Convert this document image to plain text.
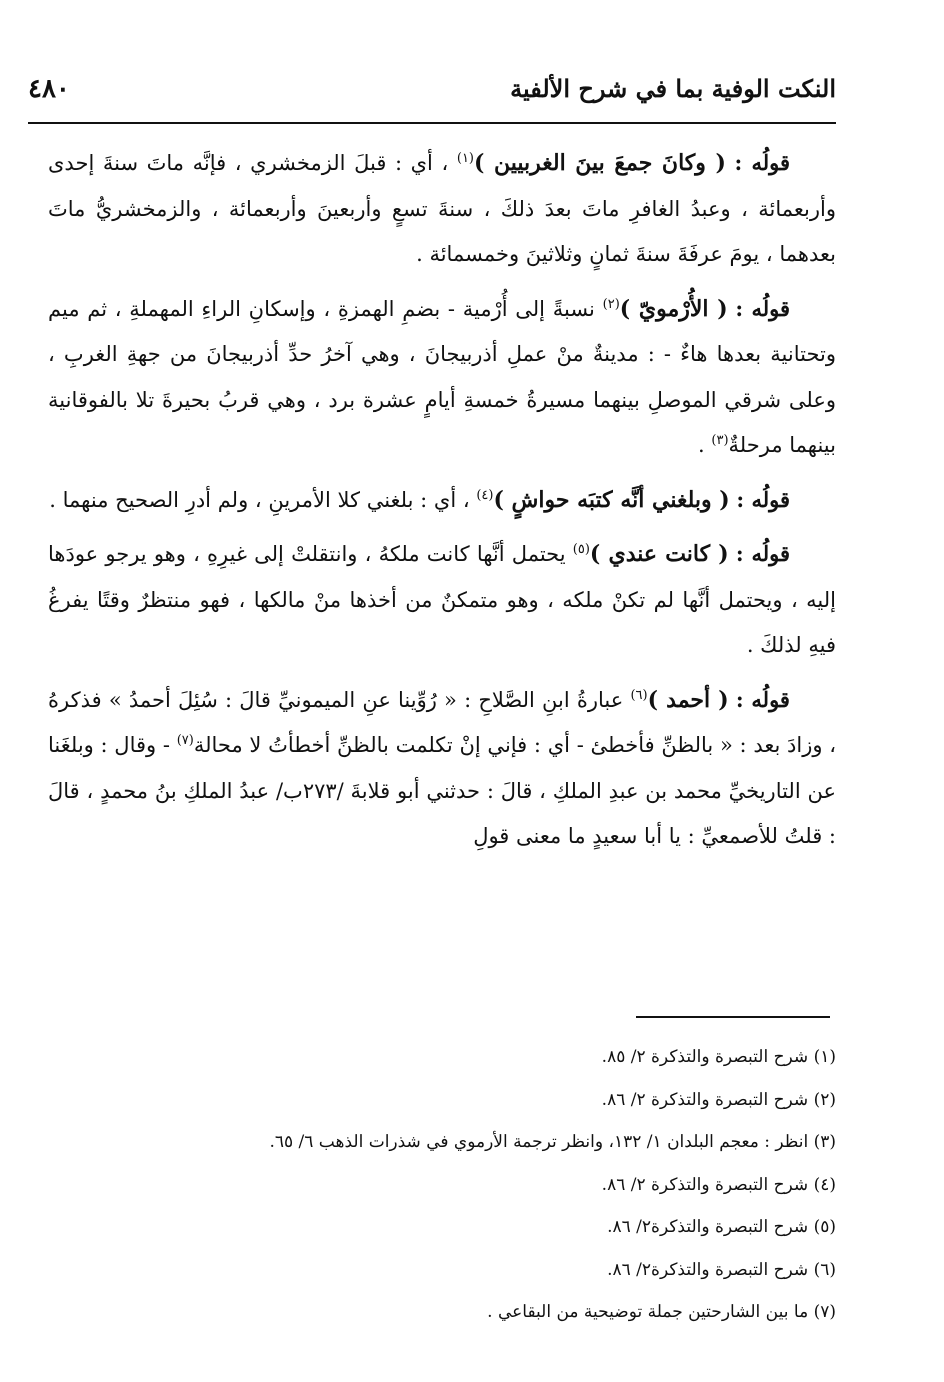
٤٨٠	النكت الوفية بما في شرح الألفية

قولُه : ( وكانَ جمعَ بينَ الغربيين )$^{(١)}$ ، أي : قبلَ الزمخشري ، فإنَّه ماتَ سنةَ إحدى وأربعمائة ، وعبدُ الغافرِ ماتَ بعدَ ذلكَ ، سنةَ تسعٍ وأربعينَ وأربعمائة ، والزمخشريُّ ماتَ بعدهما ، يومَ عرفَةَ سنةَ ثمانٍ وثلاثينَ وخمسمائة .

قولُه : ( الأُرْمويّ )$^{(٢)}$ نسبةً إلى أُرْمية - بضمِ الهمزةِ ، وإسكانِ الراءِ المهملةِ ، ثم ميم وتحتانية بعدها هاءٌ - : مدينةٌ منْ عملِ أذربيجانَ ، وهي آخرُ حدِّ أذربيجانَ من جهةِ الغربِ ، وعلى شرقي الموصلِ بينهما مسيرةُ خمسةِ أيامٍ عشرة برد ، وهي قربُ بحيرةَ تلا بالفوقانية بينهما مرحلةٌ$^{(٣)}$ .

قولُه : ( وبلغني أنَّه كتبَه حواشٍ )$^{(٤)}$ ، أي : بلغني كلا الأمرينِ ، ولم أدرِ الصحيح منهما .

قولُه : ( كانت عندي )$^{(٥)}$ يحتمل أنَّها كانت ملكهُ ، وانتقلتْ إلى غيرِهِ ، وهو يرجو عودَها إليه ، ويحتمل أنَّها لم تكنْ ملكه ، وهو متمكنٌ من أخذها منْ مالكها ، فهو منتظرٌ وقتًا يفرغُ فيهِ لذلكَ .

قولُه : ( أحمد )$^{(٦)}$ عبارةُ ابنِ الصَّلاحِ : « رُوِّينا عنِ الميمونيِّ قالَ : سُئِلَ أحمدُ » فذكرهُ ، وزادَ بعد : « بالظنِّ فأخطئ - أي : فإني إنْ تكلمت بالظنِّ أخطأتُ لا محالة$^{(٧)}$ - وقال : وبلغَنا عن التاريخيِّ محمد بن عبدِ الملكِ ، قالَ : حدثني أبو قلابةَ /٢٧٣ب/ عبدُ الملكِ بنُ محمدٍ ، قالَ : قلتُ للأصمعيِّ : يا أبا سعيدٍ ما معنى قولِ

(١) شرح التبصرة والتذكرة ٢/ ٨٥.
(٢) شرح التبصرة والتذكرة ٢/ ٨٦.
(٣) انظر : معجم البلدان ١/ ١٣٢، وانظر ترجمة الأرموي في شذرات الذهب ٦/ ٦٥.
(٤) شرح التبصرة والتذكرة ٢/ ٨٦.
(٥) شرح التبصرة والتذكرة٢/ ٨٦.
(٦) شرح التبصرة والتذكرة٢/ ٨٦.
(٧) ما بين الشارحتين جملة توضيحية من البقاعي .
